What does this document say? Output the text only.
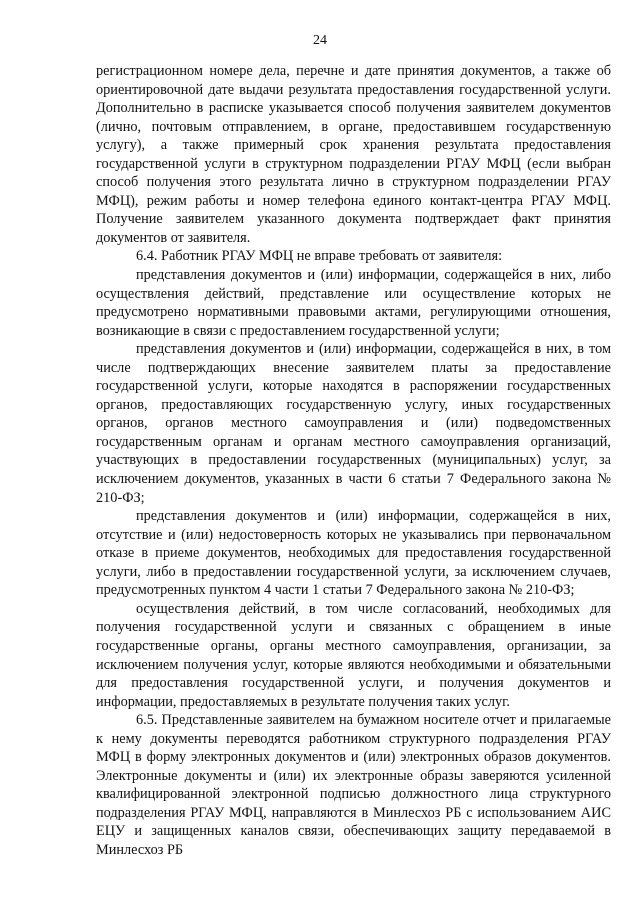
24

регистрационном номере дела, перечне и дате принятия документов, а также об ориентировочной дате выдачи результата предоставления государственной услуги. Дополнительно в расписке указывается способ получения заявителем документов (лично, почтовым отправлением, в органе, предоставившем государственную услугу), а также примерный срок хранения результата предоставления государственной услуги в структурном подразделении РГАУ МФЦ (если выбран способ получения этого результата лично в структурном подразделении РГАУ МФЦ), режим работы и номер телефона единого контакт-центра РГАУ МФЦ. Получение заявителем указанного документа подтверждает факт принятия документов от заявителя.

6.4. Работник РГАУ МФЦ не вправе требовать от заявителя:

представления документов и (или) информации, содержащейся в них, либо осуществления действий, представление или осуществление которых не предусмотрено нормативными правовыми актами, регулирующими отношения, возникающие в связи с предоставлением государственной услуги;

представления документов и (или) информации, содержащейся в них, в том числе подтверждающих внесение заявителем платы за предоставление государственной услуги, которые находятся в распоряжении государственных органов, предоставляющих государственную услугу, иных государственных органов, органов местного самоуправления и (или) подведомственных государственным органам и органам местного самоуправления организаций, участвующих в предоставлении государственных (муниципальных) услуг, за исключением документов, указанных в части 6 статьи 7 Федерального закона № 210-ФЗ;

представления документов и (или) информации, содержащейся в них, отсутствие и (или) недостоверность которых не указывались при первоначальном отказе в приеме документов, необходимых для предоставления государственной услуги, либо в предоставлении государственной услуги, за исключением случаев, предусмотренных пунктом 4 части 1 статьи 7 Федерального закона № 210-ФЗ;

осуществления действий, в том числе согласований, необходимых для получения государственной услуги и связанных с обращением в иные государственные органы, органы местного самоуправления, организации, за исключением получения услуг, которые являются необходимыми и обязательными для предоставления государственной услуги, и получения документов и информации, предоставляемых в результате получения таких услуг.

6.5. Представленные заявителем на бумажном носителе отчет и прилагаемые к нему документы переводятся работником структурного подразделения РГАУ МФЦ в форму электронных документов и (или) электронных образов документов. Электронные документы и (или) их электронные образы заверяются усиленной квалифицированной электронной подписью должностного лица структурного подразделения РГАУ МФЦ, направляются в Минлесхоз РБ с использованием АИС ЕЦУ и защищенных каналов связи, обеспечивающих защиту передаваемой в Минлесхоз РБ
